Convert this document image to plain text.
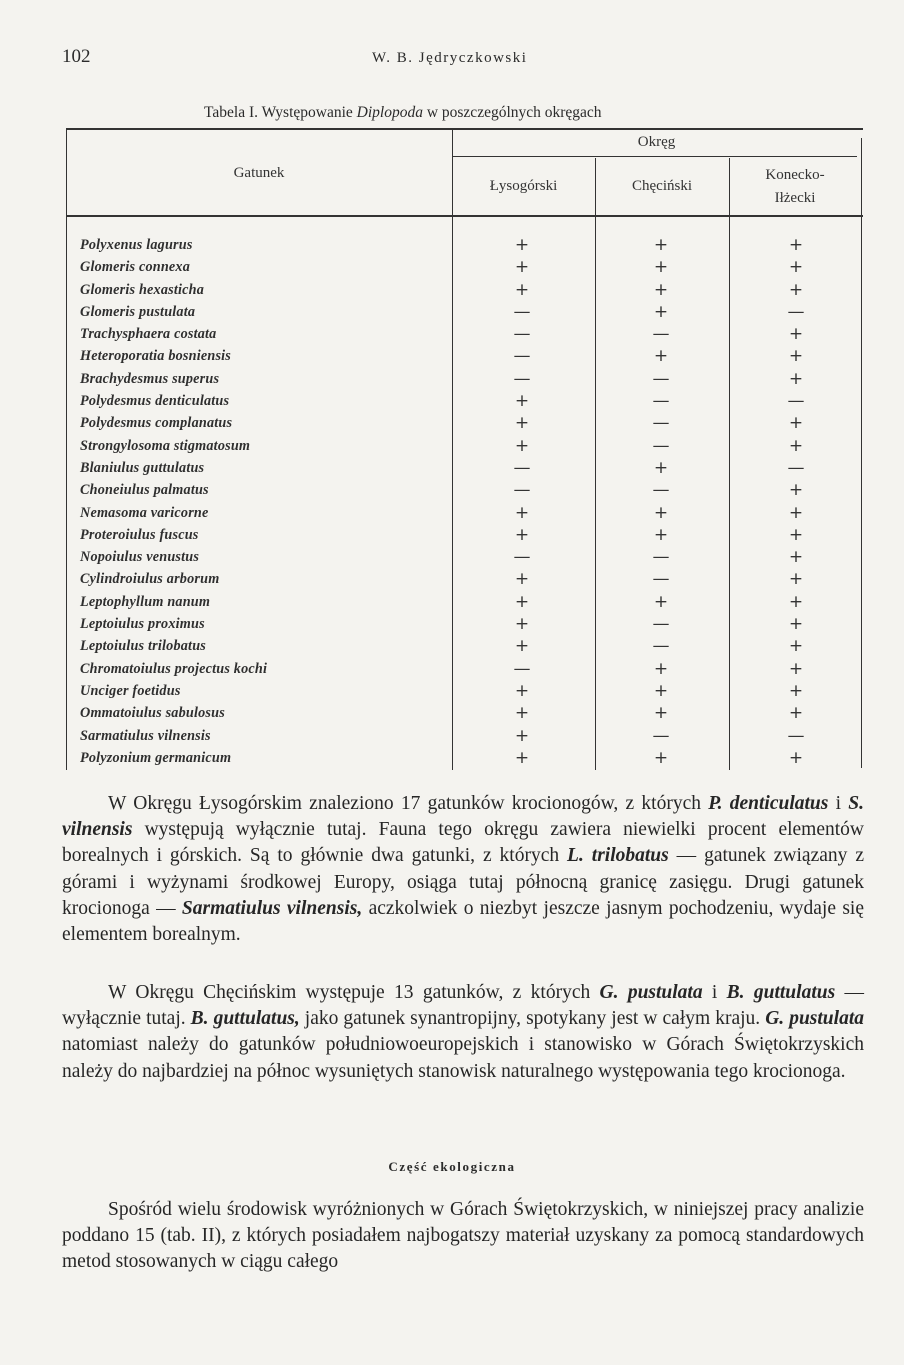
102	W. B. Jędryczkowski
Tabela I. Występowanie Diplopoda w poszczególnych okręgach
Gatunek
Okręg
Łysogórski	Chęciński
Konecko-
Iłżecki
Polyxenus lagurus	+	+	+
Glomeris connexa	+	+	+
Glomeris hexasticha	+	+	+
Glomeris pustulata	—	+	—
Trachysphaera costata	—	—	+
Heteroporatia bosniensis	—	+	+
Brachydesmus superus	—	—	+
Polydesmus denticulatus	+	—	—
Polydesmus complanatus	+	—	+
Strongylosoma stigmatosum	+	—	+
Blaniulus guttulatus	—	+	—
Choneiulus palmatus	—	—	+
Nemasoma varicorne	+	+	+
Proteroiulus fuscus	+	+	+
Nopoiulus venustus	—	—	+
Cylindroiulus arborum	+	—	+
Leptophyllum nanum	+	+	+
Leptoiulus proximus	+	—	+
Leptoiulus trilobatus	+	—	+
Chromatoiulus projectus kochi	—	+	+
Unciger foetidus	+	+	+
Ommatoiulus sabulosus	+	+	+
Sarmatiulus vilnensis	+	—	—
Polyzonium germanicum	+	+	+
W Okręgu Łysogórskim znaleziono 17 gatunków krocionogów, z których P. denticulatus i S. vilnensis występują wyłącznie tutaj. Fauna tego okręgu zawiera niewielki procent elementów borealnych i górskich. Są to głównie dwa gatunki, z których L. trilobatus — gatunek związany z górami i wyżynami środkowej Europy, osiąga tutaj północną granicę zasięgu. Drugi gatunek krocionoga — Sarmatiulus vilnensis, aczkolwiek o niezbyt jeszcze jasnym pochodzeniu, wydaje się elementem borealnym.
W Okręgu Chęcińskim występuje 13 gatunków, z których G. pustulata i B. guttulatus — wyłącznie tutaj. B. guttulatus, jako gatunek synantropijny, spotykany jest w całym kraju. G. pustulata natomiast należy do gatunków południowoeuropejskich i stanowisko w Górach Świętokrzyskich należy do najbardziej na północ wysuniętych stanowisk naturalnego występowania tego krocionoga.
Część ekologiczna
Spośród wielu środowisk wyróżnionych w Górach Świętokrzyskich, w niniejszej pracy analizie poddano 15 (tab. II), z których posiadałem najbogatszy materiał uzyskany za pomocą standardowych metod stosowanych w ciągu całego
